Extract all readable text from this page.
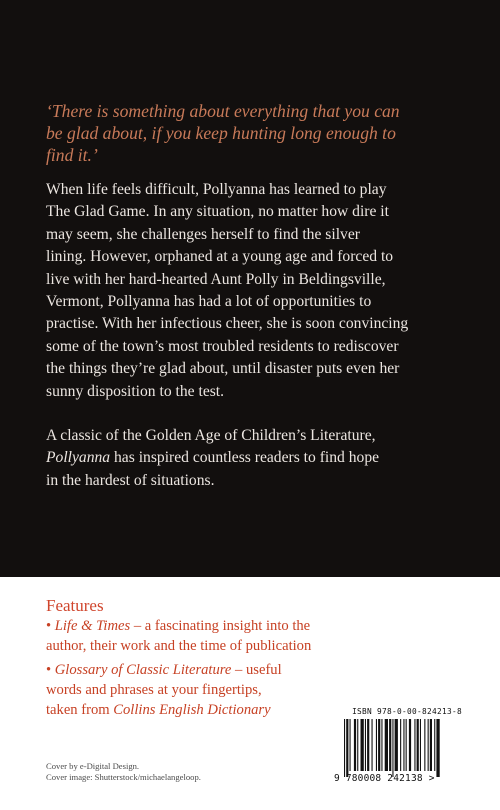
‘There is something about everything that you can
be glad about, if you keep hunting long enough to
find it.’

When life feels difficult, Pollyanna has learned to play
The Glad Game. In any situation, no matter how dire it
may seem, she challenges herself to find the silver
lining. However, orphaned at a young age and forced to
live with her hard-hearted Aunt Polly in Beldingsville,
Vermont, Pollyanna has had a lot of opportunities to
practise. With her infectious cheer, she is soon convincing
some of the town’s most troubled residents to rediscover
the things they’re glad about, until disaster puts even her
sunny disposition to the test.

A classic of the Golden Age of Children’s Literature,
Pollyanna has inspired countless readers to find hope
in the hardest of situations.

Features
• Life & Times – a fascinating insight into the
author, their work and the time of publication
• Glossary of Classic Literature – useful
words and phrases at your fingertips,
taken from Collins English Dictionary
Cover by e-Digital Design.
Cover image: Shutterstock/michaelangeloop.
ISBN 978-0-00-824213-8
9 780008 242138 >
